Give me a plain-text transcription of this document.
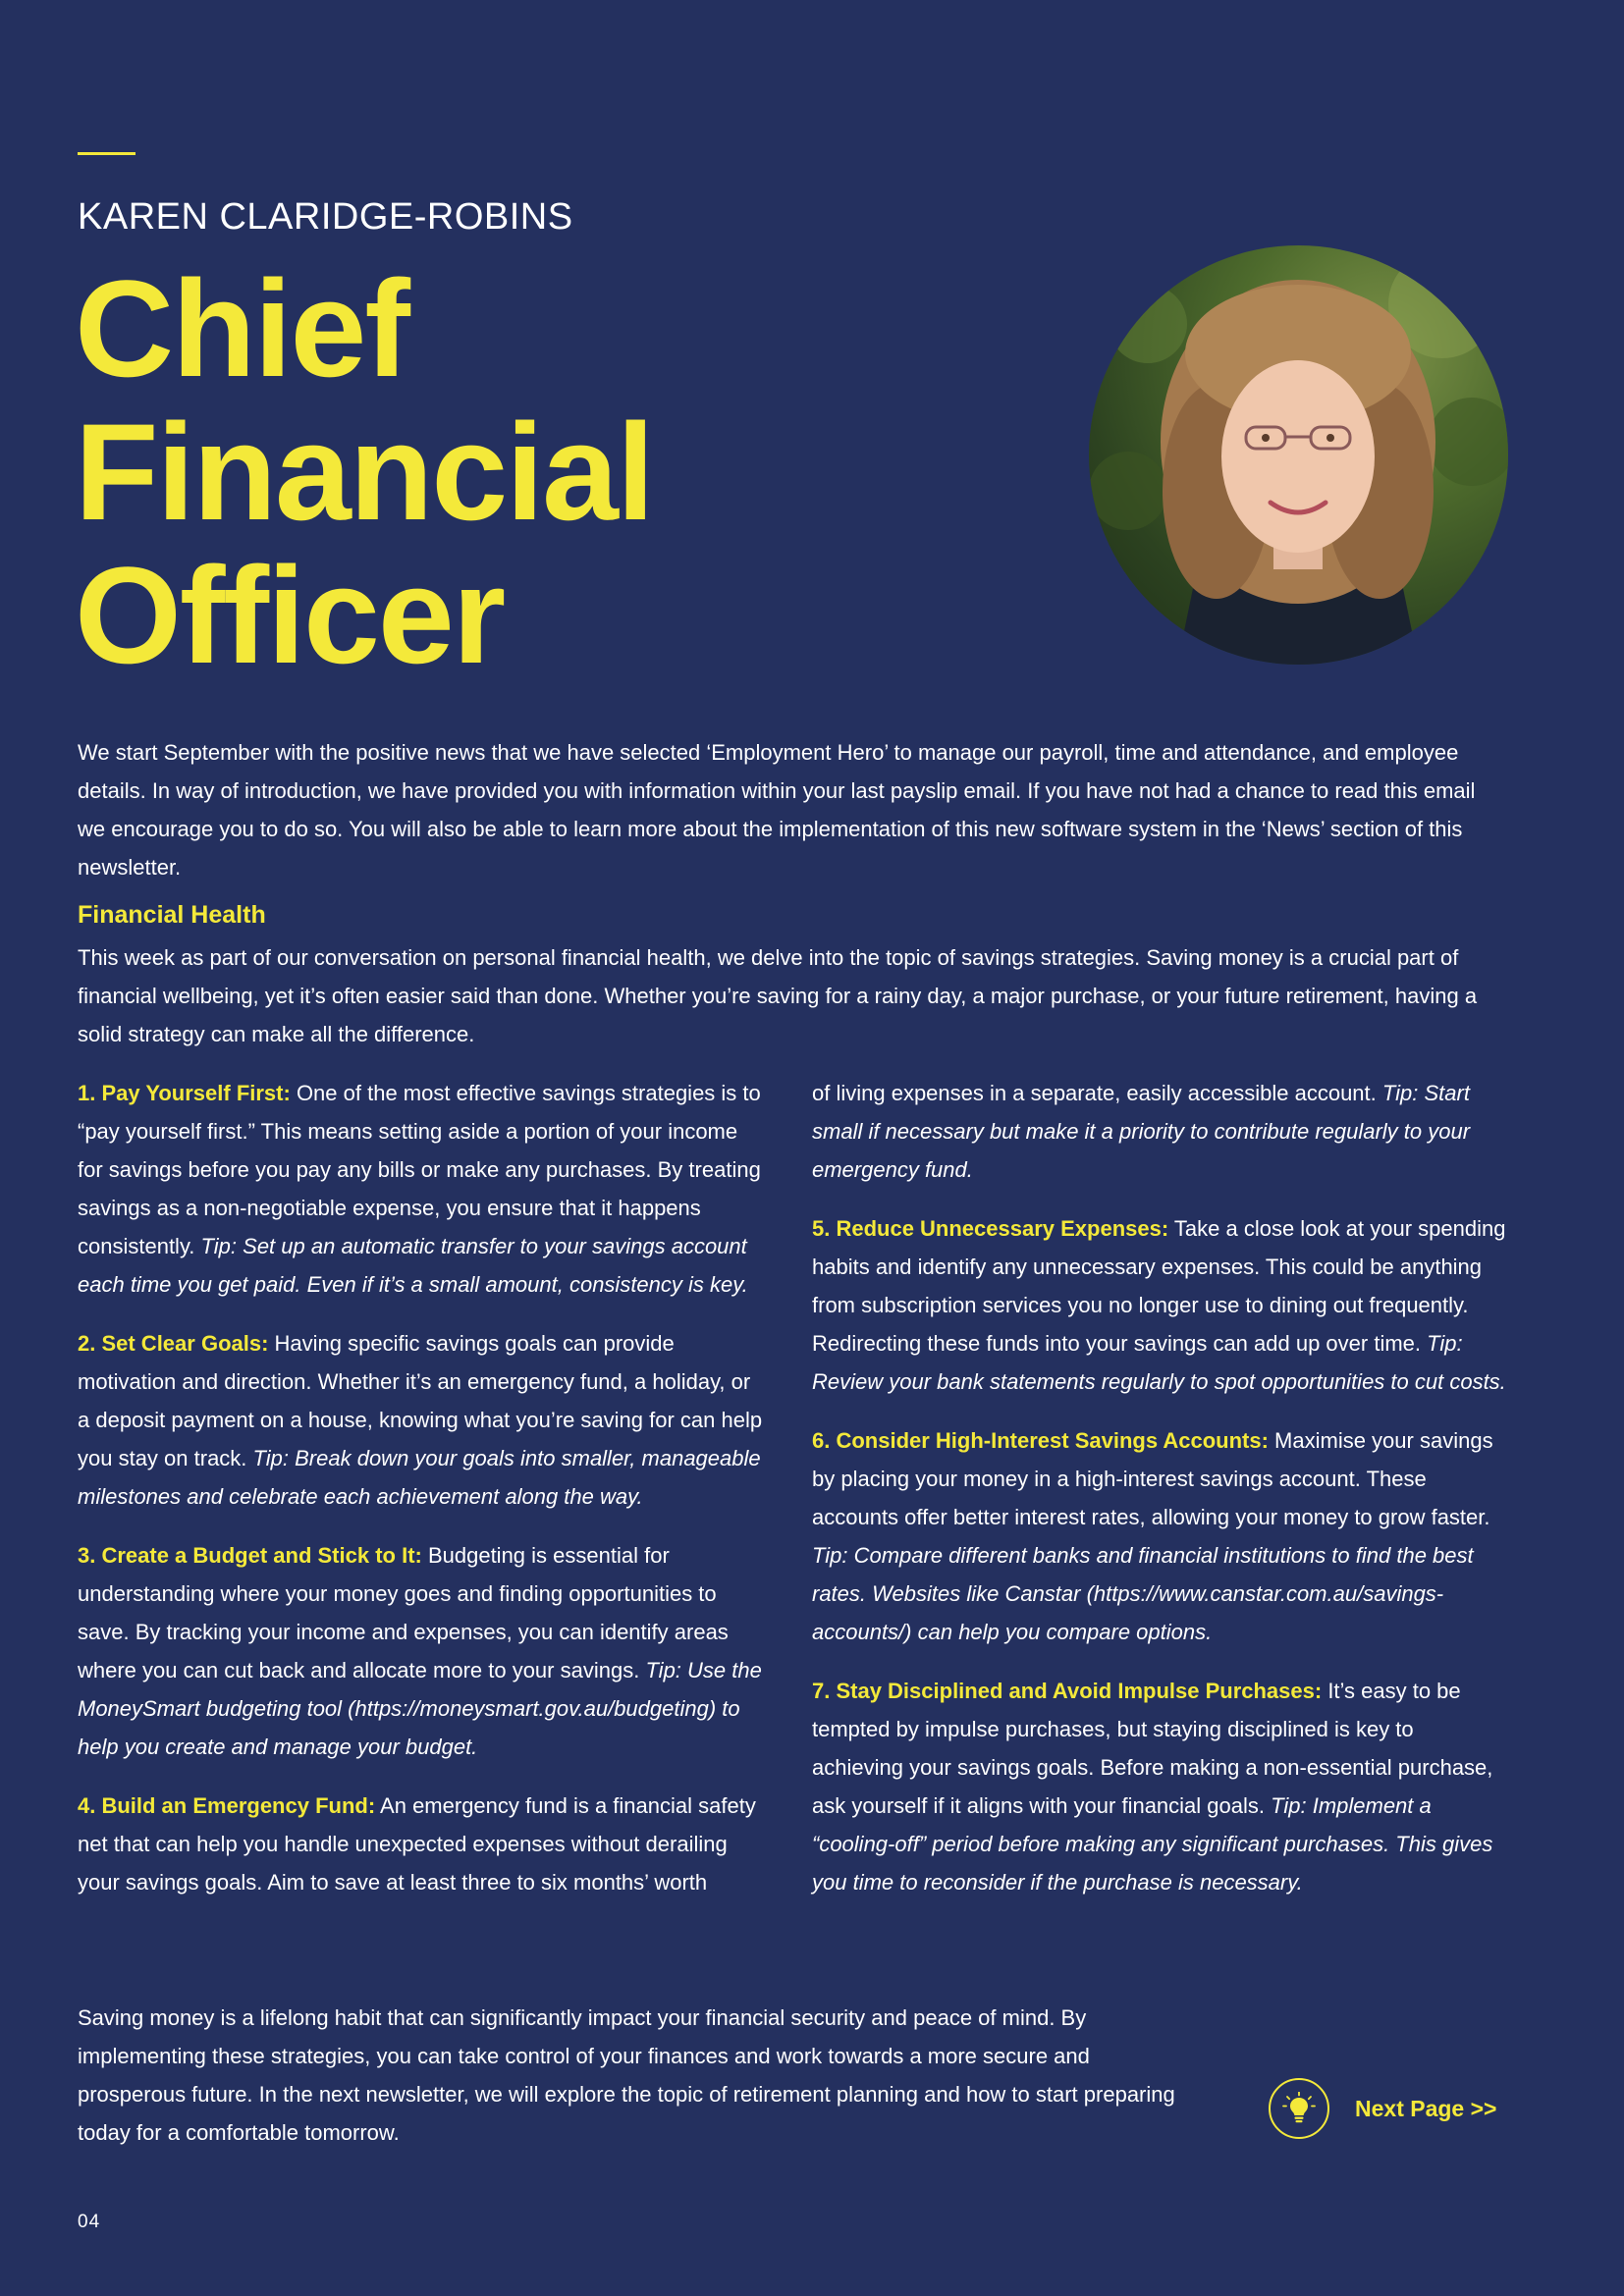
KAREN CLARIDGE-ROBINS
Chief
Financial
Officer
We start September with the positive news that we have selected ‘Employment Hero’ to manage our payroll, time and attendance, and employee details. In way of introduction, we have provided you with information within your last payslip email. If you have not had a chance to read this email we encourage you to do so. You will also be able to learn more about the implementation of this new software system in the ‘News’ section of this newsletter.
Financial Health
This week as part of our conversation on personal financial health, we delve into the topic of savings strategies. Saving money is a crucial part of financial wellbeing, yet it’s often easier said than done. Whether you’re saving for a rainy day, a major purchase, or your future retirement, having a solid strategy can make all the difference.

1. Pay Yourself First: One of the most effective savings strategies is to “pay yourself first.” This means setting aside a portion of your income for savings before you pay any bills or make any purchases. By treating savings as a non-negotiable expense, you ensure that it happens consistently. Tip: Set up an automatic transfer to your savings account each time you get paid. Even if it’s a small amount, consistency is key.

2. Set Clear Goals: Having specific savings goals can provide motivation and direction. Whether it’s an emergency fund, a holiday, or a deposit payment on a house, knowing what you’re saving for can help you stay on track. Tip: Break down your goals into smaller, manageable milestones and celebrate each achievement along the way.

3. Create a Budget and Stick to It: Budgeting is essential for understanding where your money goes and finding opportunities to save. By tracking your income and expenses, you can identify areas where you can cut back and allocate more to your savings. Tip: Use the MoneySmart budgeting tool (https://moneysmart.gov.au/budgeting) to help you create and manage your budget.

4. Build an Emergency Fund: An emergency fund is a financial safety net that can help you handle unexpected expenses without derailing your savings goals. Aim to save at least three to six months’ worth

of living expenses in a separate, easily accessible account. Tip: Start small if necessary but make it a priority to contribute regularly to your emergency fund.

5. Reduce Unnecessary Expenses: Take a close look at your spending habits and identify any unnecessary expenses. This could be anything from subscription services you no longer use to dining out frequently. Redirecting these funds into your savings can add up over time. Tip: Review your bank statements regularly to spot opportunities to cut costs.

6. Consider High-Interest Savings Accounts: Maximise your savings by placing your money in a high-interest savings account. These accounts offer better interest rates, allowing your money to grow faster. Tip: Compare different banks and financial institutions to find the best rates. Websites like Canstar (https://www.canstar.com.au/savings-accounts/) can help you compare options.

7. Stay Disciplined and Avoid Impulse Purchases: It’s easy to be tempted by impulse purchases, but staying disciplined is key to achieving your savings goals. Before making a non-essential purchase, ask yourself if it aligns with your financial goals. Tip: Implement a “cooling-off” period before making any significant purchases. This gives you time to reconsider if the purchase is necessary.

Saving money is a lifelong habit that can significantly impact your financial security and peace of mind. By implementing these strategies, you can take control of your finances and work towards a more secure and prosperous future. In the next newsletter, we will explore the topic of retirement planning and how to start preparing today for a comfortable tomorrow.
Next Page >>
04
